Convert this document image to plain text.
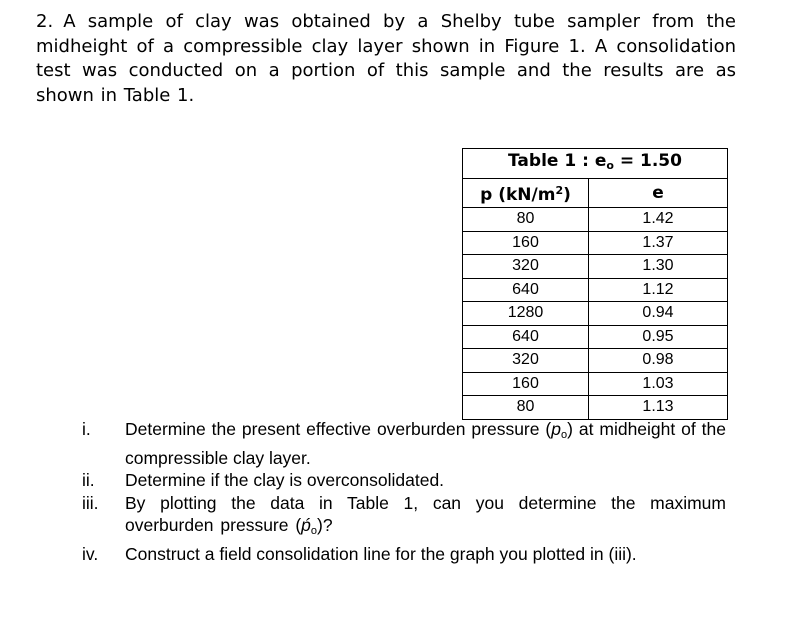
2. A sample of clay was obtained by a Shelby tube sampler from the midheight of a compressible clay layer shown in Figure 1. A consolidation test was conducted on a portion of this sample and the results are as shown in Table 1.
Table 1 : $e_o = 1.50$	
p $(kN/m^2)$	e
80	1.42
160	1.37
320	1.30
640	1.12
1280	0.94
640	0.95
320	0.98
160	1.03
80	1.13
i.	Determine the present effective overburden pressure (po) at midheight of the compressible clay layer.
ii.	Determine if the clay is overconsolidated.
iii.	By plotting the data in Table 1, can you determine the maximum overburden pressure (ṕo)?
iv.	Construct a field consolidation line for the graph you plotted in (iii).
